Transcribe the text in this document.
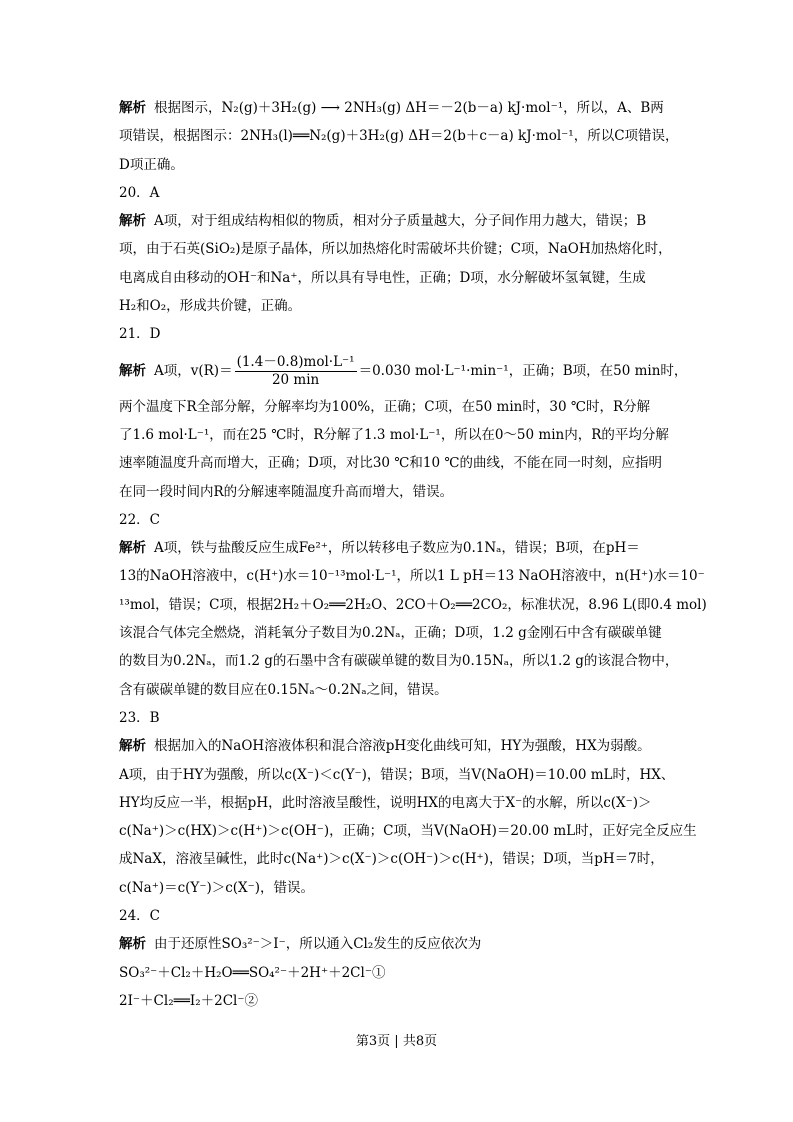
解析 根据图示，N₂(g)＋3H₂(g) ⟶ 2NH₃(g) ΔH＝－2(b－a) kJ·mol⁻¹，所以，A、B两
项错误，根据图示：2NH₃(l)══N₂(g)＋3H₂(g) ΔH＝2(b＋c－a) kJ·mol⁻¹，所以C项错误，
D项正确。
20．A
解析 A项，对于组成结构相似的物质，相对分子质量越大，分子间作用力越大，错误；B
项，由于石英(SiO₂)是原子晶体，所以加热熔化时需破坏共价键；C项，NaOH加热熔化时，
电离成自由移动的OH⁻和Na⁺，所以具有导电性，正确；D项，水分解破坏氢氧键，生成
H₂和O₂，形成共价键，正确。
21．D
解析 A项，$v(R)= \frac{\text{(1.4－0.8)mol·L⁻¹}}{20 \min} =0.030$ mol·L⁻¹·min⁻¹，正确；B项，在50 min时，
两个温度下R全部分解，分解率均为100%，正确；C项，在50 min时，30 ℃时，R分解
了1.6 mol·L⁻¹，而在25 ℃时，R分解了1.3 mol·L⁻¹，所以在0～50 min内，R的平均分解
速率随温度升高而增大，正确；D项，对比30 ℃和10 ℃的曲线，不能在同一时刻，应指明
在同一段时间内R的分解速率随温度升高而增大，错误。
22．C
解析 A项，铁与盐酸反应生成Fe²⁺，所以转移电子数应为0.1Nₐ，错误；B项，在pH＝
13的NaOH溶液中，c(H⁺)水＝10⁻¹³mol·L⁻¹，所以1 L pH＝13 NaOH溶液中，n(H⁺)水＝10⁻
¹³mol，错误；C项，根据2H₂＋O₂══2H₂O、2CO＋O₂══2CO₂，标准状况，8.96 L(即0.4 mol)
该混合气体完全燃烧，消耗氧分子数目为0.2Nₐ，正确；D项，1.2 g金刚石中含有碳碳单键
的数目为0.2Nₐ，而1.2 g的石墨中含有碳碳单键的数目为0.15Nₐ，所以1.2 g的该混合物中，
含有碳碳单键的数目应在0.15Nₐ～0.2Nₐ之间，错误。
23．B
解析 根据加入的NaOH溶液体积和混合溶液pH变化曲线可知，HY为强酸，HX为弱酸。
A项，由于HY为强酸，所以c(X⁻)＜c(Y⁻)，错误；B项，当V(NaOH)＝10.00 mL时，HX、
HY均反应一半，根据pH，此时溶液呈酸性，说明HX的电离大于X⁻的水解，所以c(X⁻)＞
c(Na⁺)＞c(HX)＞c(H⁺)＞c(OH⁻)，正确；C项，当V(NaOH)＝20.00 mL时，正好完全反应生
成NaX，溶液呈碱性，此时c(Na⁺)＞c(X⁻)＞c(OH⁻)＞c(H⁺)，错误；D项，当pH＝7时，
c(Na⁺)＝c(Y⁻)＞c(X⁻)，错误。
24．C
解析 由于还原性SO₃²⁻＞I⁻，所以通入Cl₂发生的反应依次为
SO₃²⁻＋Cl₂＋H₂O══SO₄²⁻＋2H⁺＋2Cl⁻①
2I⁻＋Cl₂══I₂＋2Cl⁻②
第3页 | 共8页
